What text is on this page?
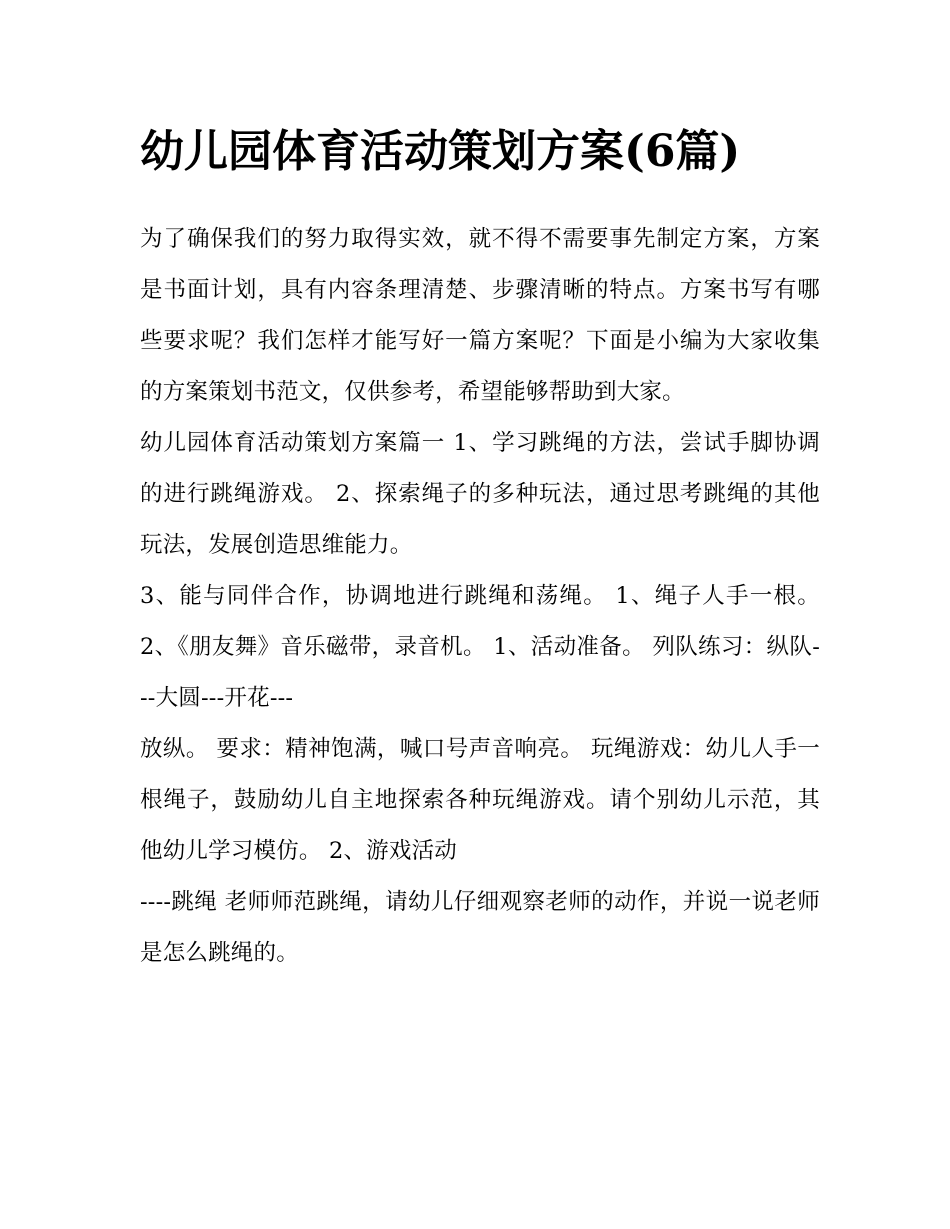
幼儿园体育活动策划方案(6篇)

为了确保我们的努力取得实效，就不得不需要事先制定方案，方案是书面计划，具有内容条理清楚、步骤清晰的特点。方案书写有哪些要求呢？我们怎样才能写好一篇方案呢？下面是小编为大家收集的方案策划书范文，仅供参考，希望能够帮助到大家。

幼儿园体育活动策划方案篇一 1、学习跳绳的方法，尝试手脚协调的进行跳绳游戏。 2、探索绳子的多种玩法，通过思考跳绳的其他玩法，发展创造思维能力。

3、能与同伴合作，协调地进行跳绳和荡绳。 1、绳子人手一根。 2、《朋友舞》音乐磁带，录音机。 1、活动准备。 列队练习：纵队---大圆---开花---

放纵。 要求：精神饱满，喊口号声音响亮。 玩绳游戏：幼儿人手一根绳子，鼓励幼儿自主地探索各种玩绳游戏。请个别幼儿示范，其他幼儿学习模仿。 2、游戏活动

----跳绳 老师师范跳绳，请幼儿仔细观察老师的动作，并说一说老师是怎么跳绳的。
